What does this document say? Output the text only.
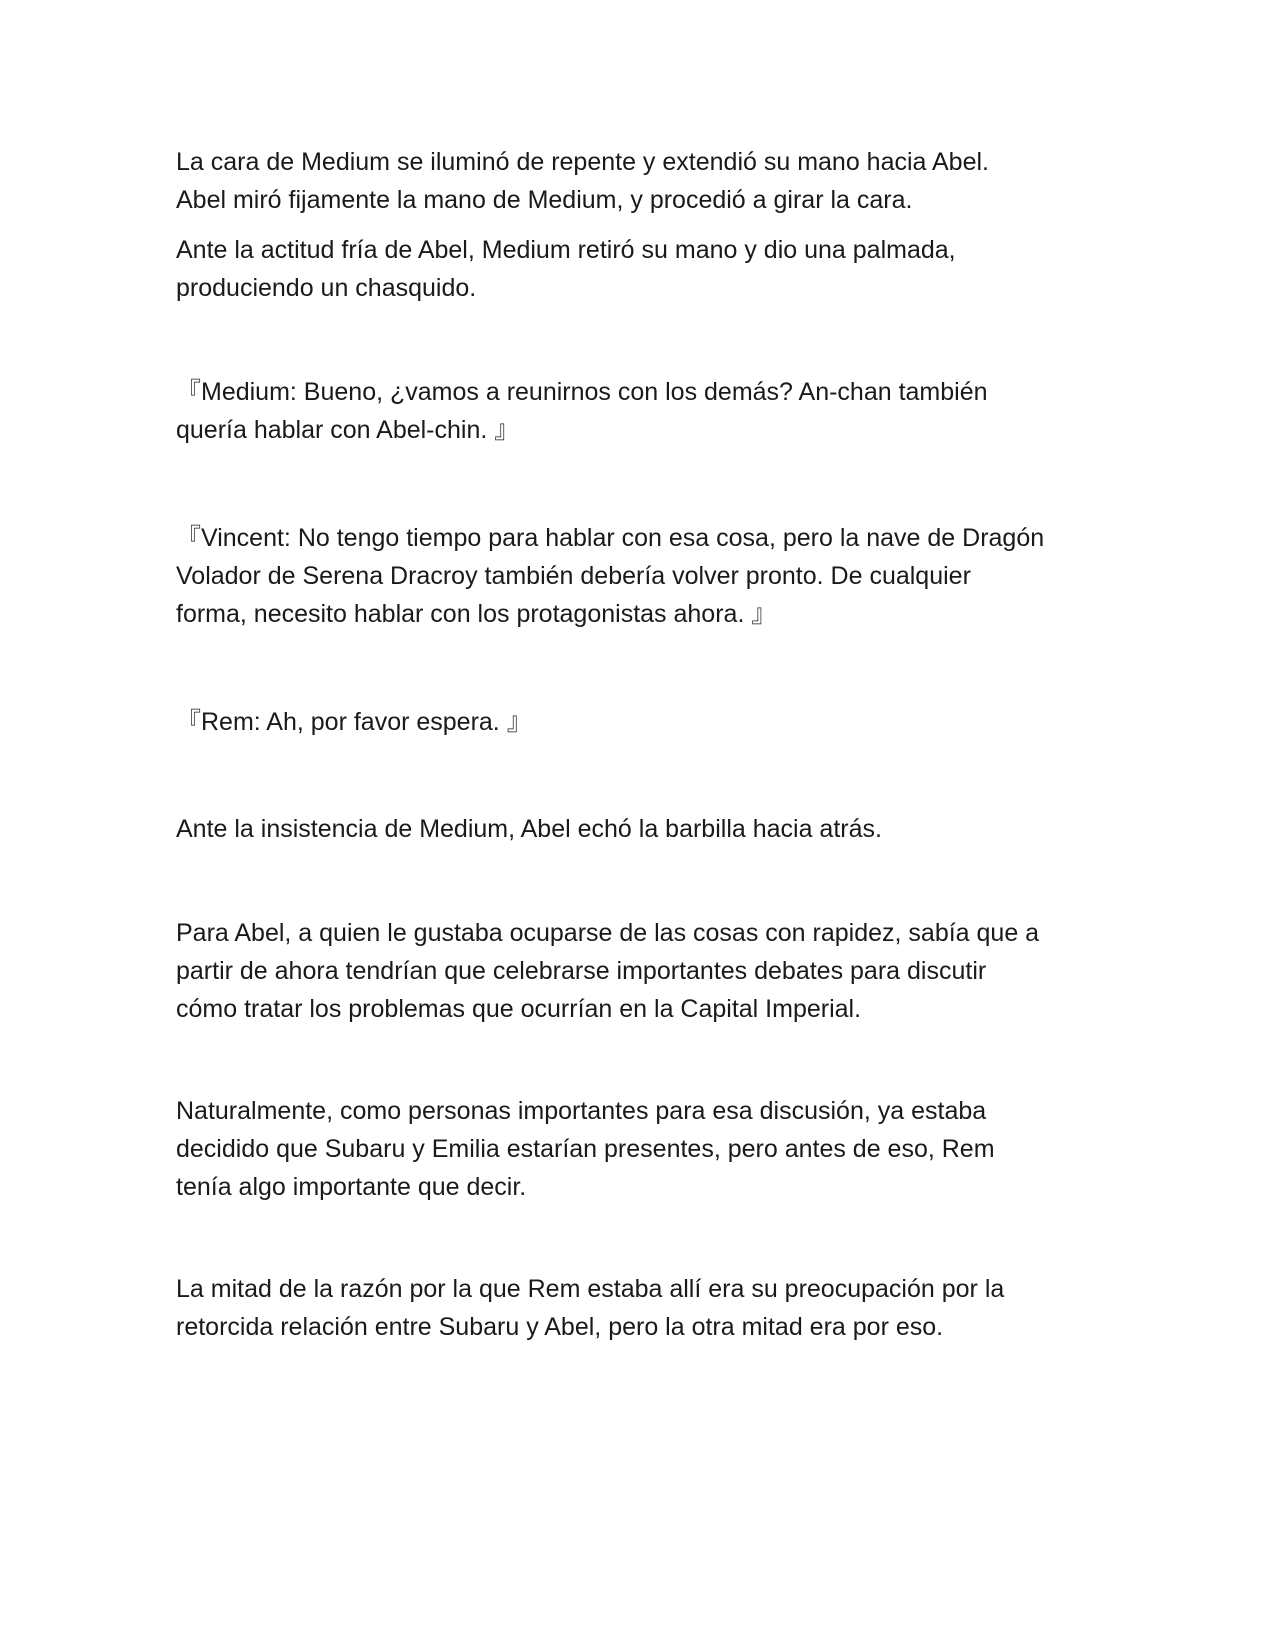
La cara de Medium se iluminó de repente y extendió su mano hacia Abel.
Abel miró fijamente la mano de Medium, y procedió a girar la cara.

Ante la actitud fría de Abel, Medium retiró su mano y dio una palmada,
produciendo un chasquido.

『Medium: Bueno, ¿vamos a reunirnos con los demás? An-chan también
quería hablar con Abel-chin. 』

『Vincent: No tengo tiempo para hablar con esa cosa, pero la nave de Dragón
Volador de Serena Dracroy también debería volver pronto. De cualquier
forma, necesito hablar con los protagonistas ahora. 』

『Rem: Ah, por favor espera. 』

Ante la insistencia de Medium, Abel echó la barbilla hacia atrás.

Para Abel, a quien le gustaba ocuparse de las cosas con rapidez, sabía que a
partir de ahora tendrían que celebrarse importantes debates para discutir
cómo tratar los problemas que ocurrían en la Capital Imperial.

Naturalmente, como personas importantes para esa discusión, ya estaba
decidido que Subaru y Emilia estarían presentes, pero antes de eso, Rem
tenía algo importante que decir.

La mitad de la razón por la que Rem estaba allí era su preocupación por la
retorcida relación entre Subaru y Abel, pero la otra mitad era por eso.
